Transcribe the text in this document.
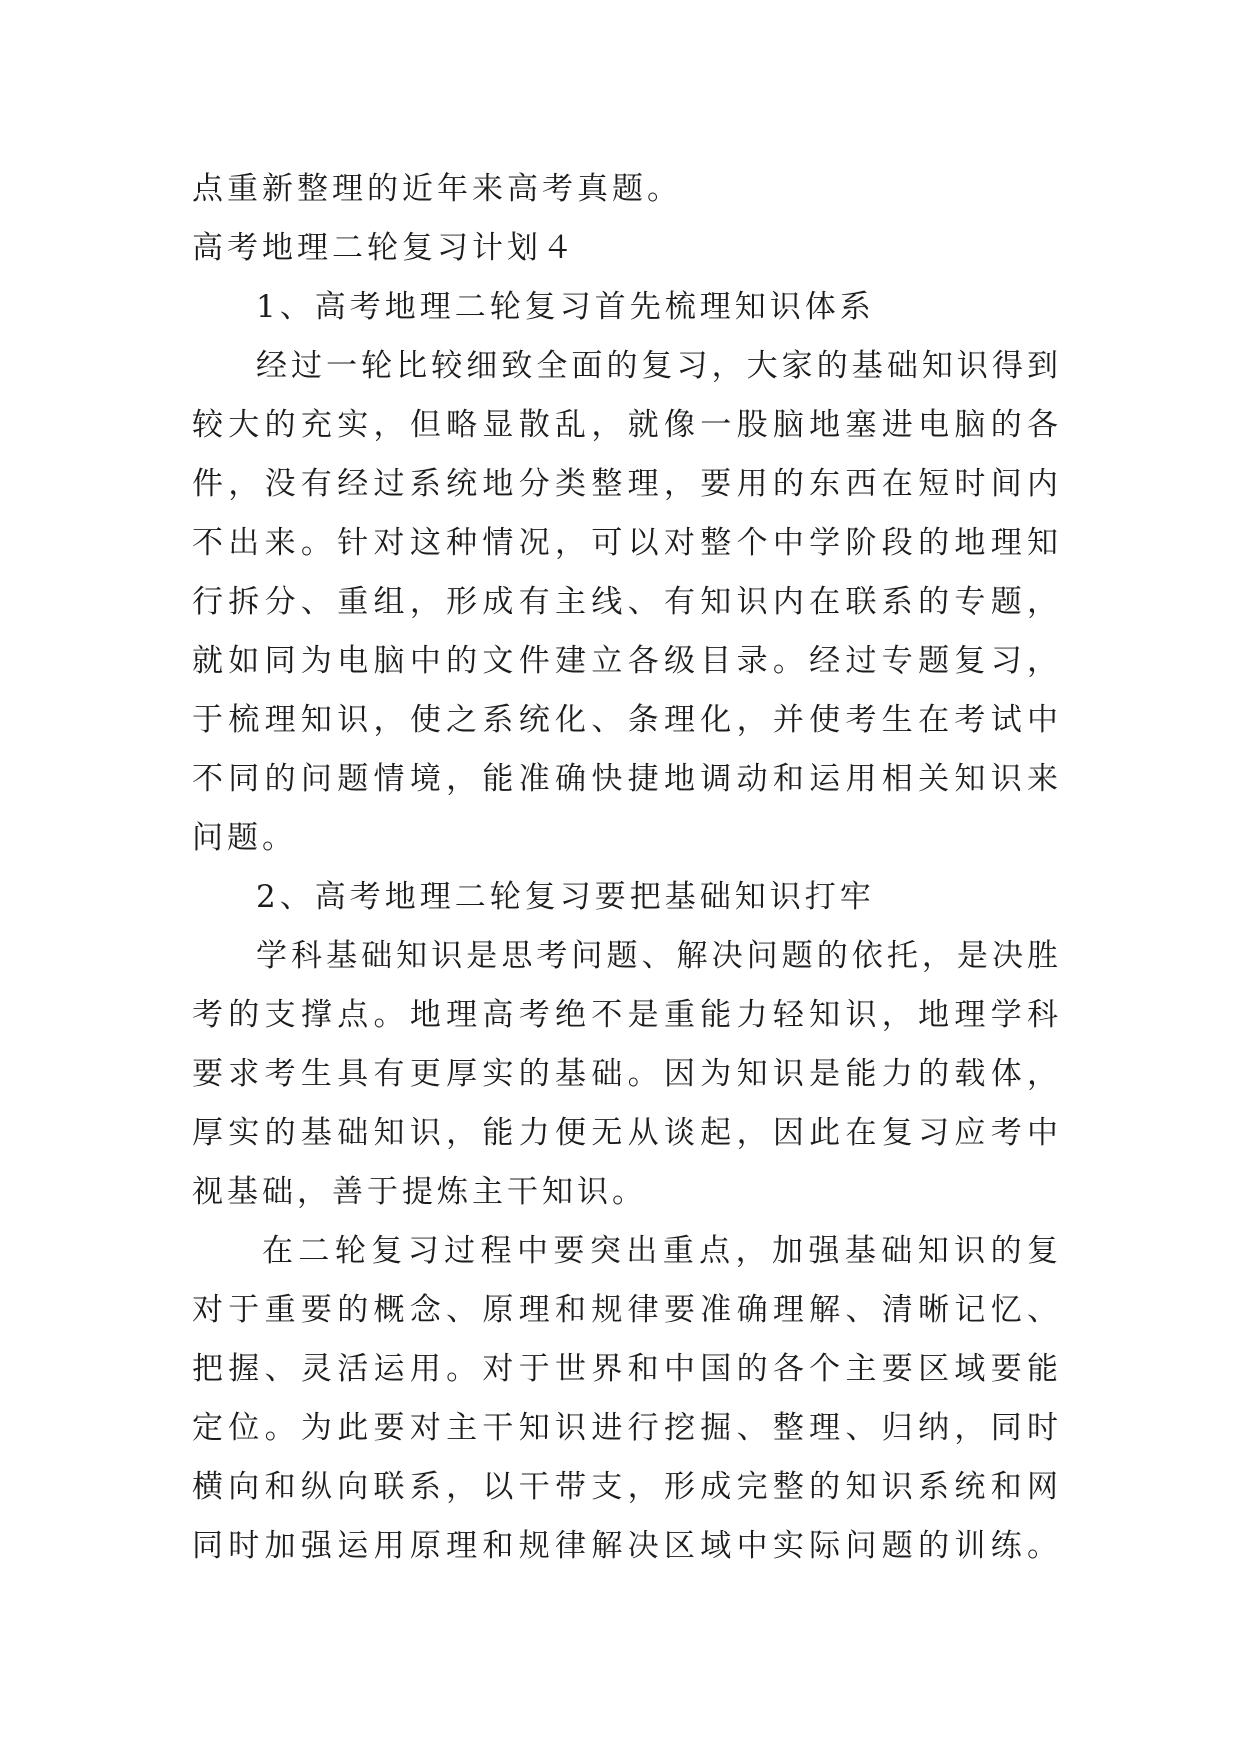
点重新整理的近年来高考真题。
高考地理二轮复习计划４
1、高考地理二轮复习首先梳理知识体系
经过一轮比较细致全面的复习，大家的基础知识得到
较大的充实，但略显散乱，就像一股脑地塞进电脑的各
件，没有经过系统地分类整理，要用的东西在短时间内
不出来。针对这种情况，可以对整个中学阶段的地理知
行拆分、重组，形成有主线、有知识内在联系的专题，
就如同为电脑中的文件建立各级目录。经过专题复习，
于梳理知识，使之系统化、条理化，并使考生在考试中
不同的问题情境，能准确快捷地调动和运用相关知识来
问题。
2、高考地理二轮复习要把基础知识打牢
学科基础知识是思考问题、解决问题的依托，是决胜
考的支撑点。地理高考绝不是重能力轻知识，地理学科
要求考生具有更厚实的基础。因为知识是能力的载体，
厚实的基础知识，能力便无从谈起，因此在复习应考中
视基础，善于提炼主干知识。
在二轮复习过程中要突出重点，加强基础知识的复
对于重要的概念、原理和规律要准确理解、清晰记忆、
把握、灵活运用。对于世界和中国的各个主要区域要能
定位。为此要对主干知识进行挖掘、整理、归纳，同时
横向和纵向联系，以干带支，形成完整的知识系统和网
同时加强运用原理和规律解决区域中实际问题的训练。
